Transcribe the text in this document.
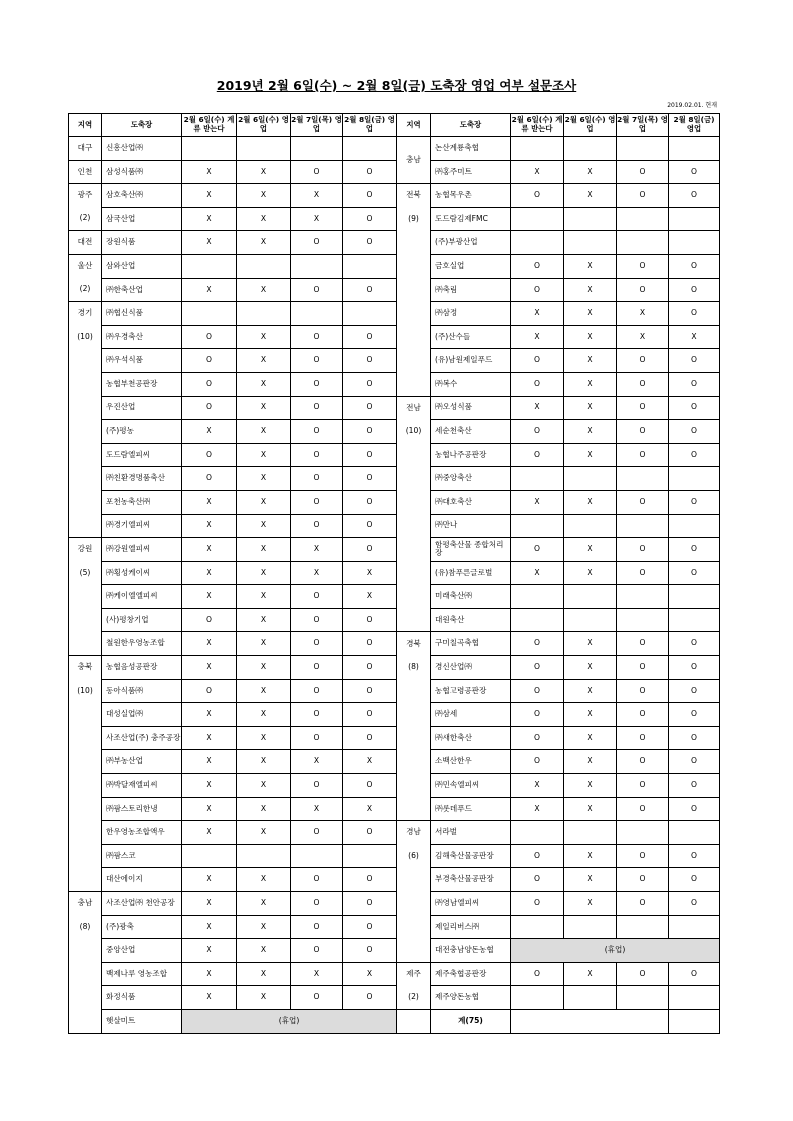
2019년 2월 6일(수) ~ 2월 8일(금) 도축장 영업 여부 설문조사
2019.02.01. 현재
지역	도축장	2월 6일(수) 계류 받는다	2월 6일(수) 영업	2월 7일(목) 영업	2월 8일(금) 영업	지역	도축장	2월 6일(수) 계류 받는다	2월 6일(수) 영업	2월 7일(목) 영업	2월 8일(금) 영업
대구	신흥산업㈜					충남	논산계룡축협				
인천	삼성식품㈜	X	X	O	O		㈜홍주미트	X	X	O	O
광주	삼호축산㈜	X	X	X	O	전북	농협목우촌	O	X	O	O
(2)	삼국산업	X	X	X	O	(9)	도드람김제FMC				
대전	장원식품	X	X	O	O		(주)부광산업				
울산	삼와산업						금호실업	O	X	O	O
(2)	㈜한축산업	X	X	O	O		㈜축림	O	X	O	O
경기	㈜협신식품						㈜삼정	X	X	X	O
(10)	㈜우경축산	O	X	O	O		(주)산수들	X	X	X	X
	㈜우석식품	O	X	O	O		(유)남원제일푸드	O	X	O	O
	농협부천공판장	O	X	O	O		㈜복수	O	X	O	O
	우진산업	O	X	O	O	전남	㈜오성식품	X	X	O	O
	(주)평농	X	X	O	O	(10)	세순천축산	O	X	O	O
	도드람엘피씨	O	X	O	O		농협나주공판장	O	X	O	O
	㈜친환경명품축산	O	X	O	O		㈜중앙축산				
	포천농축산㈜	X	X	O	O		㈜대호축산	X	X	O	O
	㈜경기엘피씨	X	X	O	O		㈜만나				
강원	㈜강원엘피씨	X	X	X	O		함평축산물 종합처리장	O	X	O	O
(5)	㈜횡성케이씨	X	X	X	X		(유)참푸른글로벌	X	X	O	O
	㈜케이엘엘피씨	X	X	O	X		미래축산㈜				
	(사)평창기업	O	X	O	O		대원축산				
	철원한우영농조합	X	X	O	O	경북	구미칠곡축협	O	X	O	O
충북	농협음성공판장	X	X	O	O	(8)	경신산업㈜	O	X	O	O
(10)	동아식품㈜	O	X	O	O		농협고령공판장	O	X	O	O
	대성실업㈜	X	X	O	O		㈜삼세	O	X	O	O
	사조산업(주) 충주공장	X	X	O	O		㈜새한축산	O	X	O	O
	㈜부농산업	X	X	X	X		소백산한우	O	X	O	O
	㈜박달재엘피씨	X	X	O	O		㈜민속엘피씨	X	X	O	O
	㈜팜스토리한냉	X	X	X	X		㈜롯데푸드	X	X	O	O
	한우영농조합액우	X	X	O	O	경남	서라벌				
	㈜팜스코					(6)	김해축산물공판장	O	X	O	O
	대산에이지	X	X	O	O		부경축산물공판장	O	X	O	O
충남	사조산업㈜ 천안공장	X	X	O	O		㈜영남엘피씨	O	X	O	O
(8)	(주)광축	X	X	O	O		제일리버스㈜				
	중앙산업	X	X	O	O		대전충남양돈농협	(휴업)			
	백제나루 영농조합	X	X	X	X	제주	제주축협공판장	O	X	O	O
	화정식품	X	X	O	O	(2)	제주양돈농협				
	햇살미트	(휴업)					계(75)				
